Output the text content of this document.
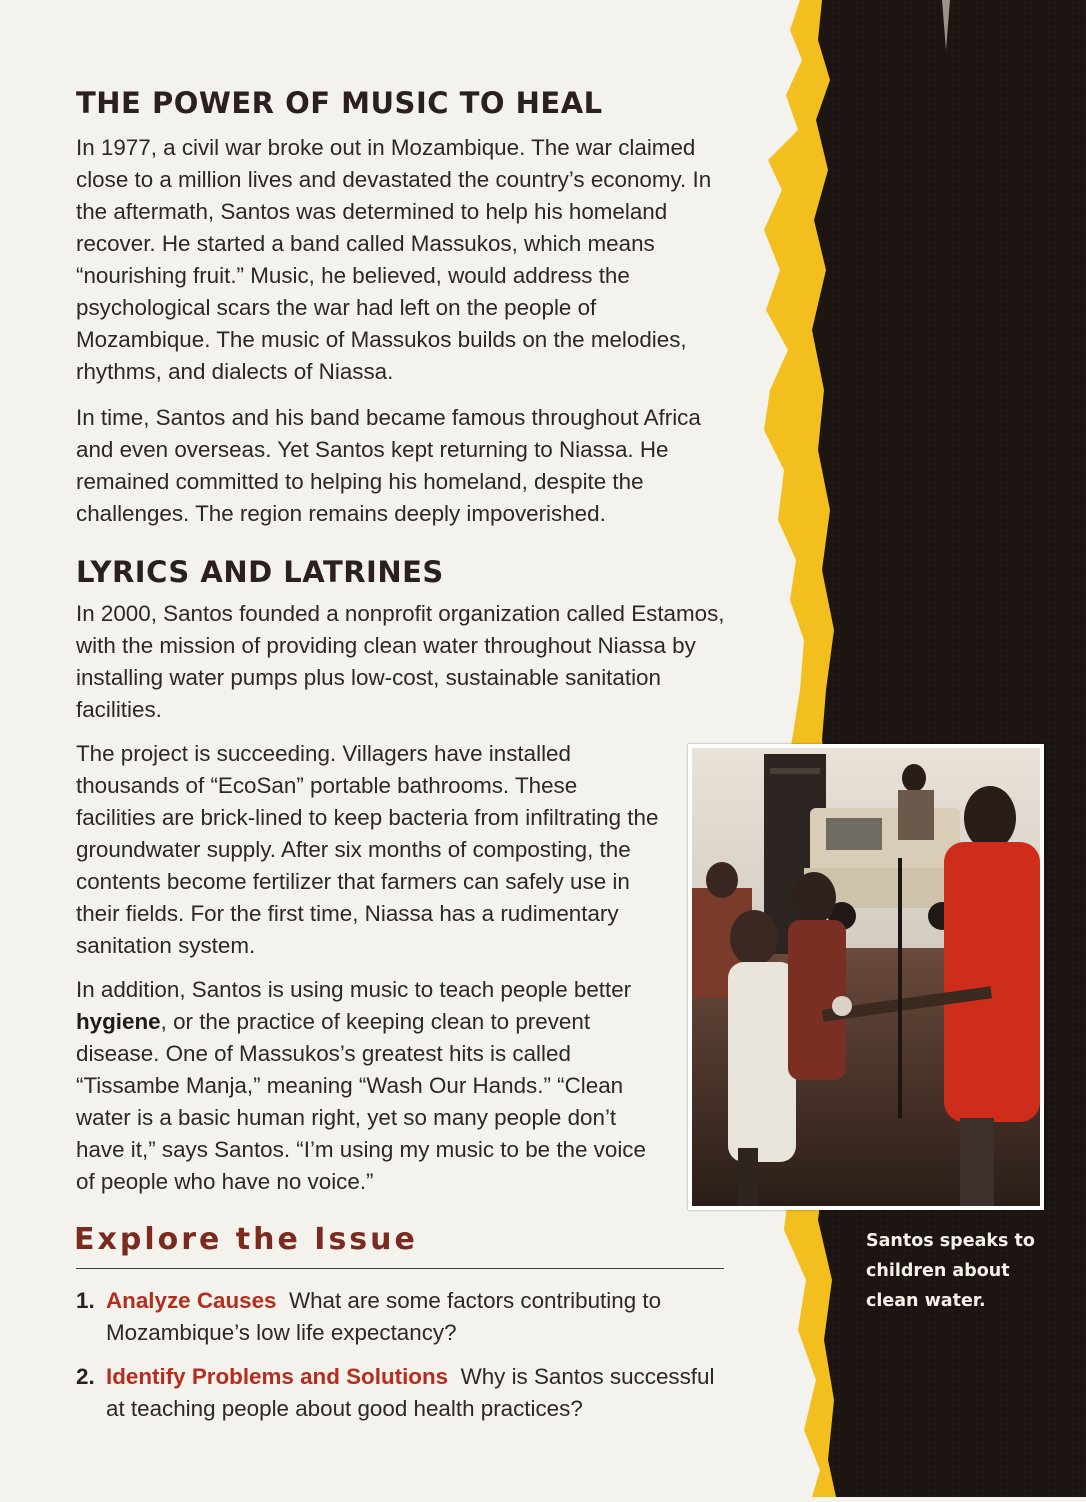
THE POWER OF MUSIC TO HEAL

In 1977, a civil war broke out in Mozambique. The war claimed close to a million lives and devastated the country’s economy. In the aftermath, Santos was determined to help his homeland recover. He started a band called Massukos, which means “nourishing fruit.” Music, he believed, would address the psychological scars the war had left on the people of Mozambique. The music of Massukos builds on the melodies, rhythms, and dialects of Niassa.

In time, Santos and his band became famous throughout Africa and even overseas. Yet Santos kept returning to Niassa. He remained committed to helping his homeland, despite the challenges. The region remains deeply impoverished.

LYRICS AND LATRINES

In 2000, Santos founded a nonprofit organization called Estamos, with the mission of providing clean water throughout Niassa by installing water pumps plus low-cost, sustainable sanitation facilities.

The project is succeeding. Villagers have installed thousands of “EcoSan” portable bathrooms. These facilities are brick-lined to keep bacteria from infiltrating the groundwater supply. After six months of composting, the contents become fertilizer that farmers can safely use in their fields. For the first time, Niassa has a rudimentary sanitation system.

In addition, Santos is using music to teach people better hygiene, or the practice of keeping clean to prevent disease. One of Massukos’s greatest hits is called “Tissambe Manja,” meaning “Wash Our Hands.” “Clean water is a basic human right, yet so many people don’t have it,” says Santos. “I’m using my music to be the voice of people who have no voice.”

Explore the Issue
1. Analyze Causes What are some factors contributing to Mozambique’s low life expectancy?
2. Identify Problems and Solutions Why is Santos successful at teaching people about good health practices?

Santos speaks to children about clean water.
